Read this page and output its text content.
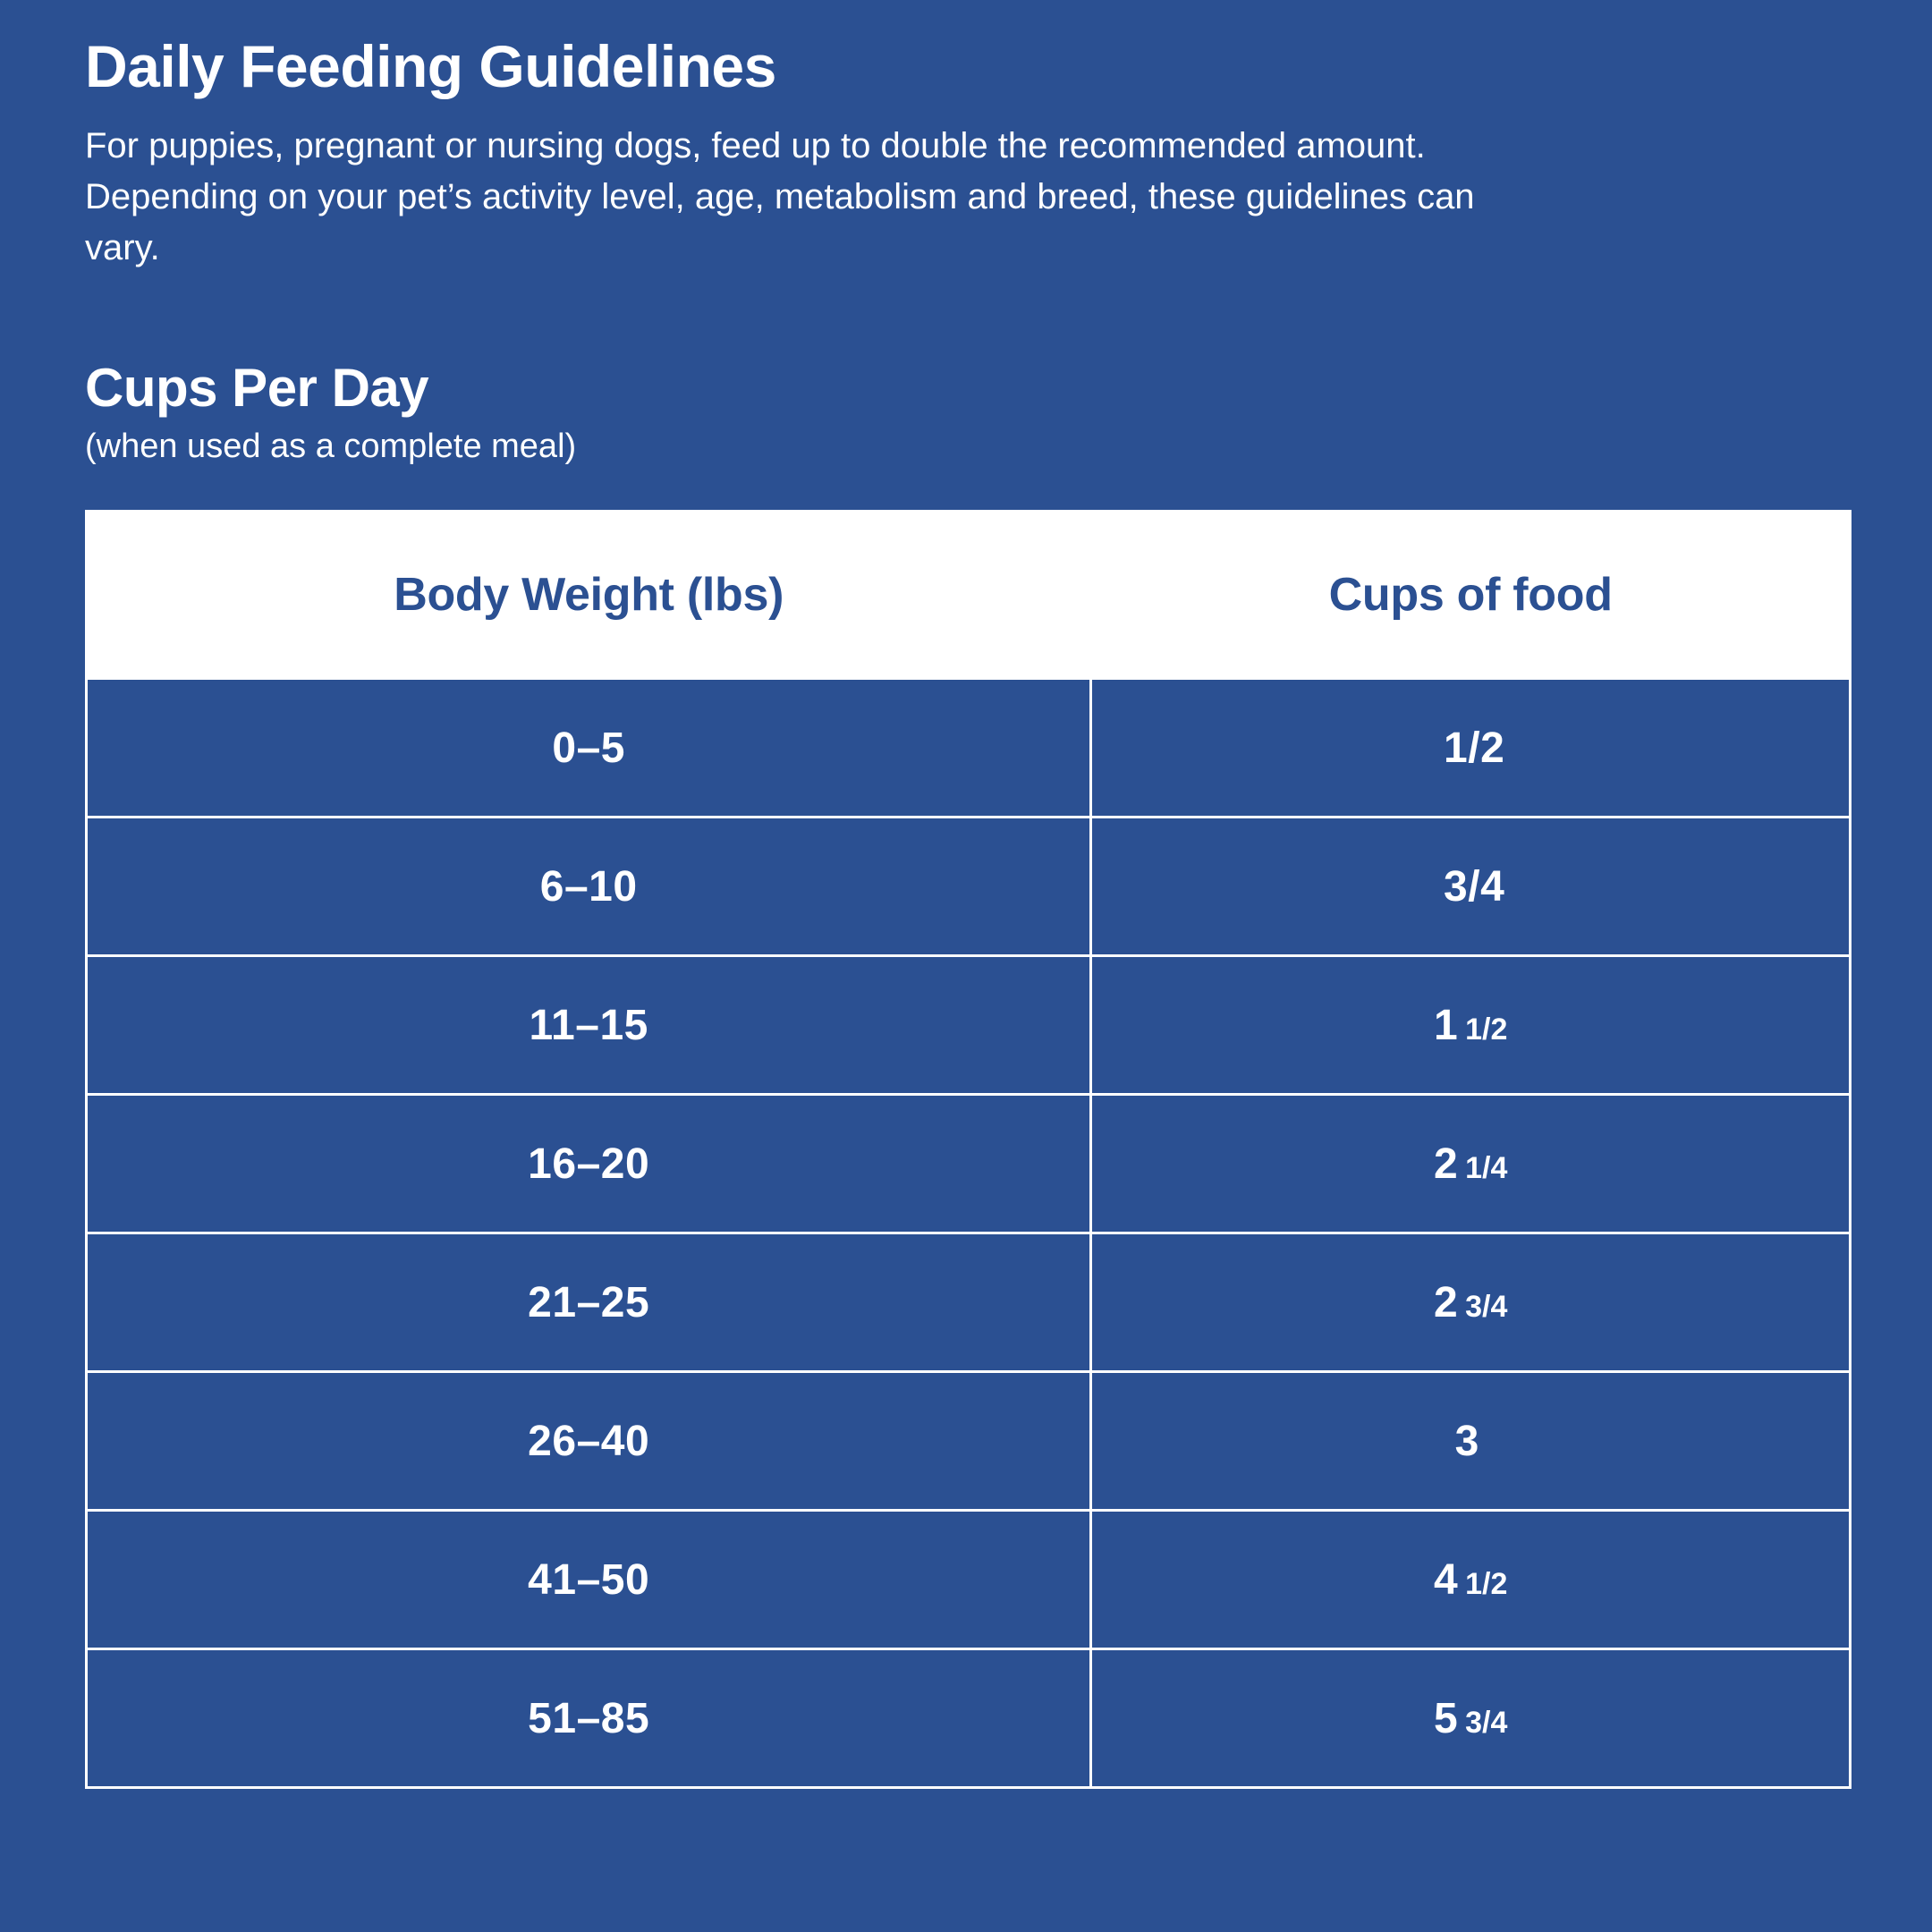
Daily Feeding Guidelines

For puppies, pregnant or nursing dogs, feed up to double the recommended amount. Depending on your pet’s activity level, age, metabolism and breed, these guidelines can vary.

Cups Per Day

(when used as a complete meal)

Body Weight (lbs)	Cups of food
0–5	1/2
6–10	3/4
11–15	1 1/2
16–20	2 1/4
21–25	2 3/4
26–40	3
41–50	4 1/2
51–85	5 3/4
